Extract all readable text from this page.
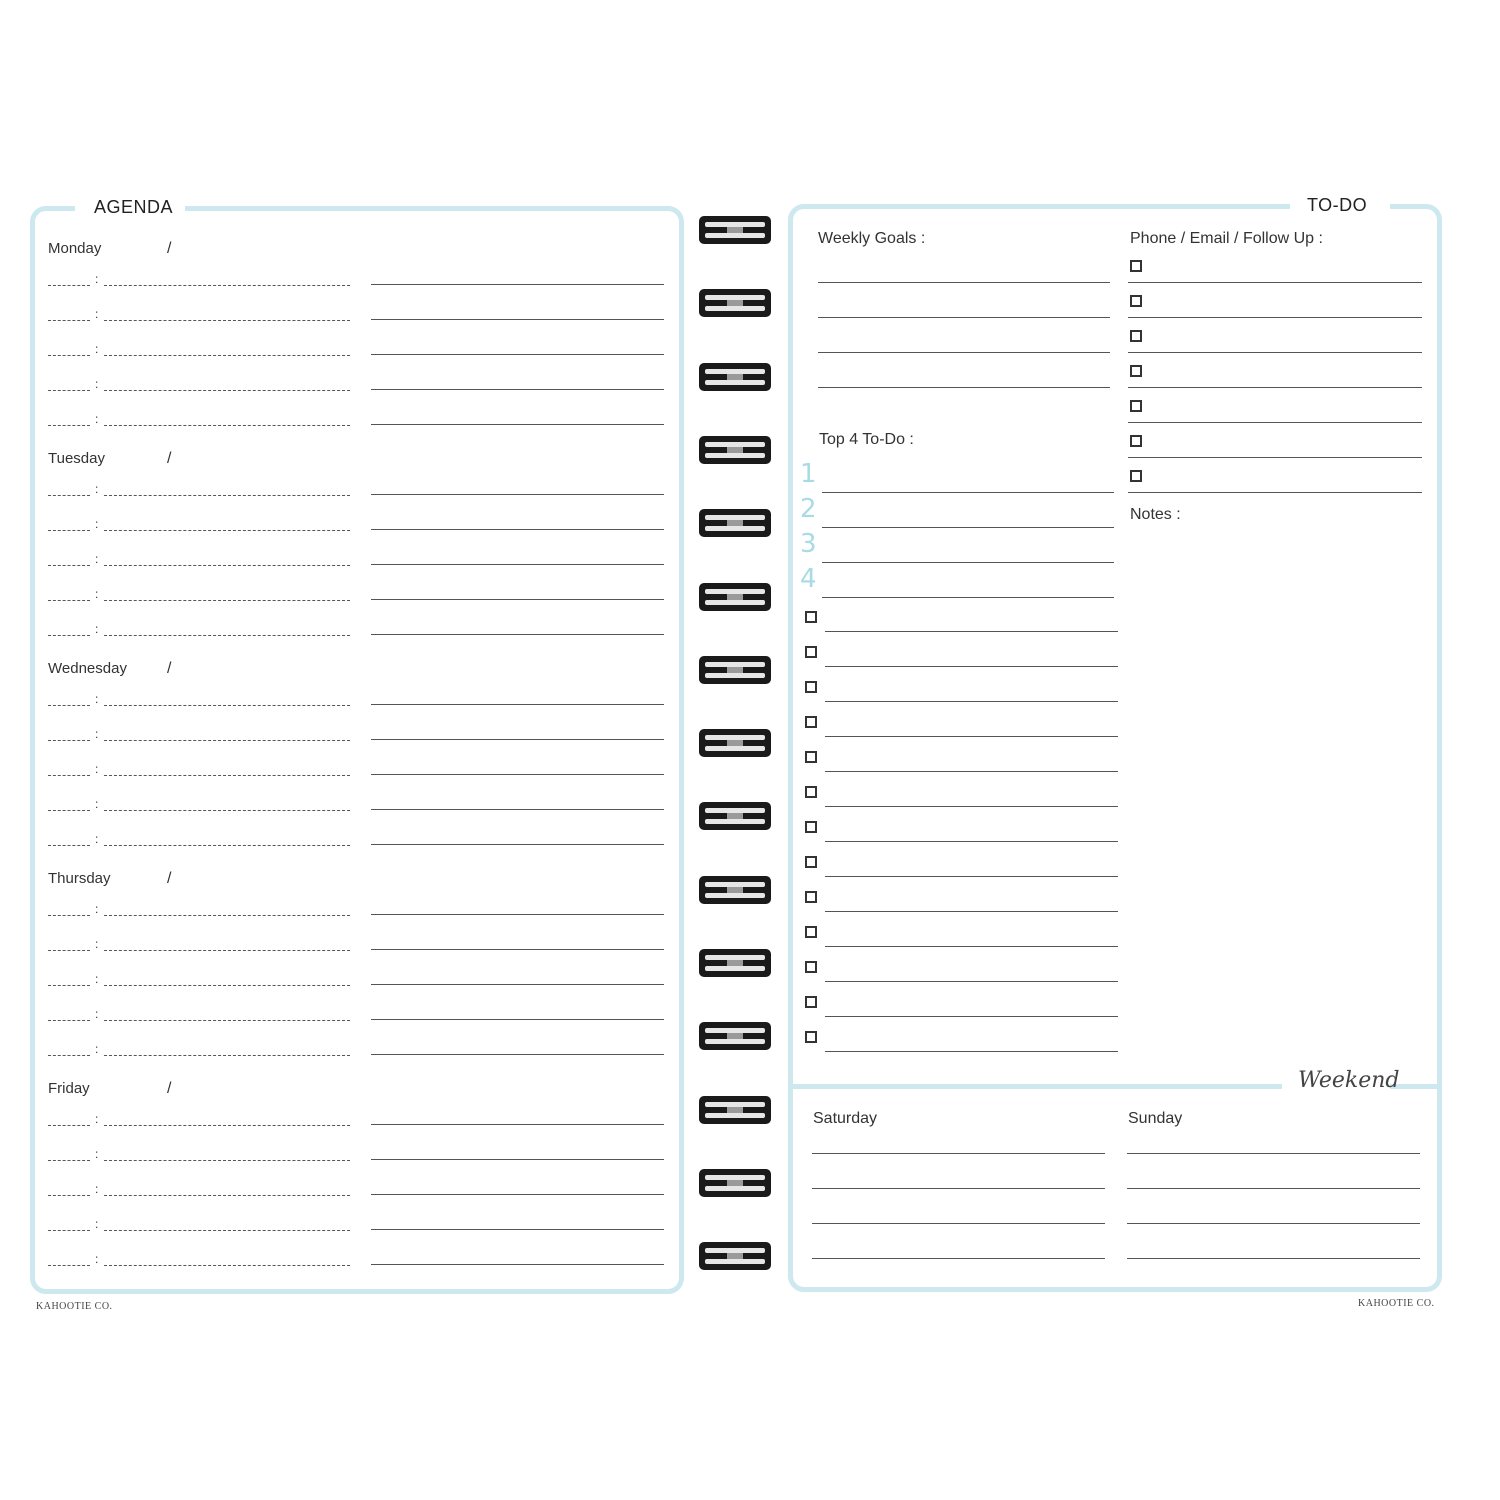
AGENDA
Monday	/
:
:
:
:
:
Tuesday	/
:
:
:
:
:
Wednesday	/
:
:
:
:
:
Thursday	/
:
:
:
:
:
Friday	/
:
:
:
:
:
TO-DO
Weekly Goals :
Top 4 To-Do :
Phone / Email / Follow Up :
Notes :
1
2
3
4
Weekend
Saturday	Sunday
KAHOOTIE CO.	KAHOOTIE CO.
